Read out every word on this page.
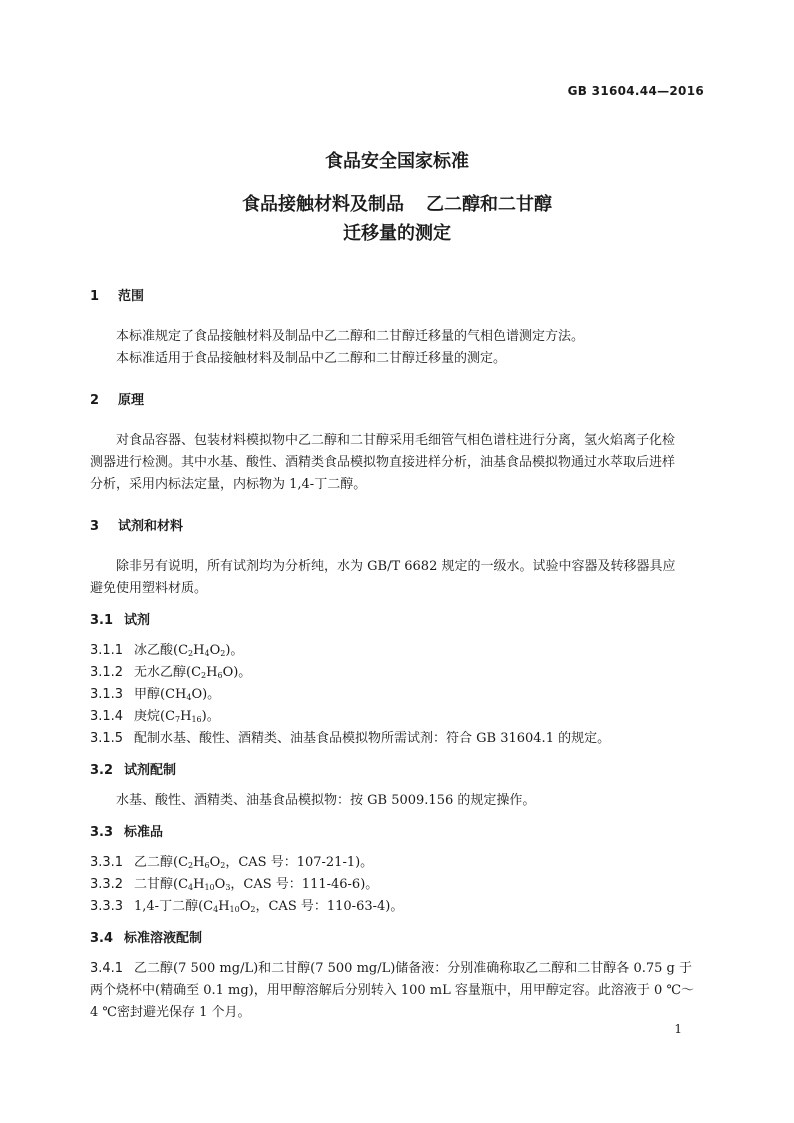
GB 31604.44—2016

食品安全国家标准

食品接触材料及制品 乙二醇和二甘醇

迁移量的测定

1 范围
本标准规定了食品接触材料及制品中乙二醇和二甘醇迁移量的气相色谱测定方法。
本标准适用于食品接触材料及制品中乙二醇和二甘醇迁移量的测定。
2 原理
对食品容器、包装材料模拟物中乙二醇和二甘醇采用毛细管气相色谱柱进行分离，氢火焰离子化检
测器进行检测。其中水基、酸性、酒精类食品模拟物直接进样分析，油基食品模拟物通过水萃取后进样
分析，采用内标法定量，内标物为 1,4-丁二醇。
3 试剂和材料
除非另有说明，所有试剂均为分析纯，水为 GB/T 6682 规定的一级水。试验中容器及转移器具应
避免使用塑料材质。
3.1 试剂
3.1.1 冰乙酸$(C_2H_4O_2)$。
3.1.2 无水乙醇$(C_2H_6O)$。
3.1.3 甲醇$(CH_4O)$。
3.1.4 庚烷$(C_7H_{16})$。
3.1.5 配制水基、酸性、酒精类、油基食品模拟物所需试剂：符合 GB 31604.1 的规定。
3.2 试剂配制
水基、酸性、酒精类、油基食品模拟物：按 GB 5009.156 的规定操作。
3.3 标准品
3.3.1 乙二醇($C_2H_6O_2$，CAS 号：107-21-1)。
3.3.2 二甘醇($C_4H_{10}O_3$，CAS 号：111-46-6)。
3.3.3 1,4-丁二醇($C_4H_{10}O_2$，CAS 号：110-63-4)。
3.4 标准溶液配制
3.4.1 乙二醇(7 500 mg/L)和二甘醇(7 500 mg/L)储备液：分别准确称取乙二醇和二甘醇各 0.75 g 于
两个烧杯中(精确至 0.1 mg)，用甲醇溶解后分别转入 100 mL 容量瓶中，用甲醇定容。此溶液于 0 ℃～
4 ℃密封避光保存 1 个月。
1
